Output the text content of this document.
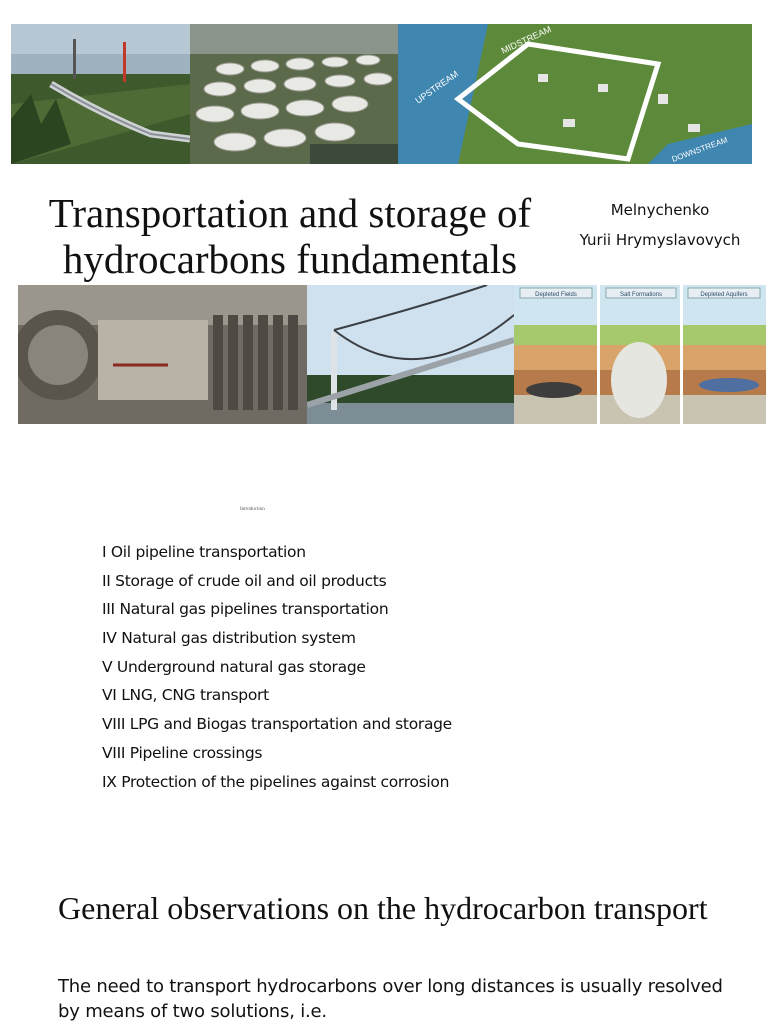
UPSTREAM
MIDSTREAM
DOWNSTREAM
Transportation and storage of
hydrocarbons fundamentals
Melnychenko
Yurii Hrymyslavovych
Depleted Fields	Salt Formations	Depleted Aquifers
Introduction
I Oil pipeline transportation
II Storage of crude oil and oil products
III Natural gas pipelines transportation
IV Natural gas distribution system
V Underground natural gas storage
VI LNG, CNG transport
VIII LPG and Biogas transportation and storage
VIII Pipeline crossings
IX Protection of the pipelines against corrosion
General observations on the hydrocarbon transport
The need to transport hydrocarbons over long distances is usually resolved by means of two solutions, i.e.
